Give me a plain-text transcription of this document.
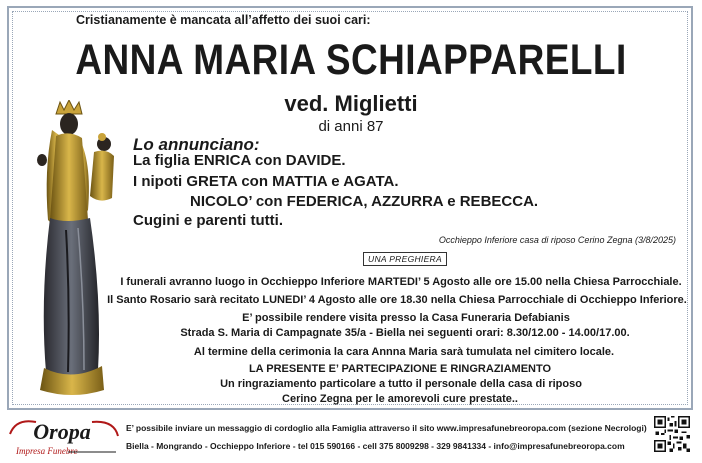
Cristianamente è mancata all’affetto dei suoi cari:
ANNA MARIA SCHIAPPARELLI
ved. Miglietti
di anni 87
Lo annunciano:
La figlia ENRICA con DAVIDE.
I nipoti GRETA con MATTIA e AGATA.
NICOLO’ con FEDERICA, AZZURRA e REBECCA.
Cugini e parenti tutti.
Occhieppo Inferiore casa di riposo Cerino Zegna (3/8/2025)
UNA PREGHIERA
I funerali avranno luogo in Occhieppo Inferiore MARTEDI’ 5 Agosto alle ore 15.00 nella Chiesa Parrocchiale.
Il Santo Rosario sarà recitato LUNEDI’ 4 Agosto alle ore 18.30 nella Chiesa Parrocchiale di Occhieppo Inferiore.
E’ possibile rendere visita presso la Casa Funeraria Defabianis
Strada S. Maria di Campagnate 35/a - Biella nei seguenti orari: 8.30/12.00 - 14.00/17.00.
Al termine della cerimonia la cara Annna Maria sarà tumulata nel cimitero locale.
LA PRESENTE E’ PARTECIPAZIONE E RINGRAZIAMENTO
Un ringraziamento particolare a tutto il personale della casa di riposo
Cerino Zegna per le amorevoli cure prestate..
Oropa
Impresa Funebre
E’ possibile inviare un messaggio di cordoglio alla Famiglia attraverso il sito www.impresafunebreoropa.com (sezione Necrologi)
Biella - Mongrando - Occhieppo Inferiore - tel 015 590166 - cell 375 8009298 - 329 9841334 - info@impresafunebreoropa.com
